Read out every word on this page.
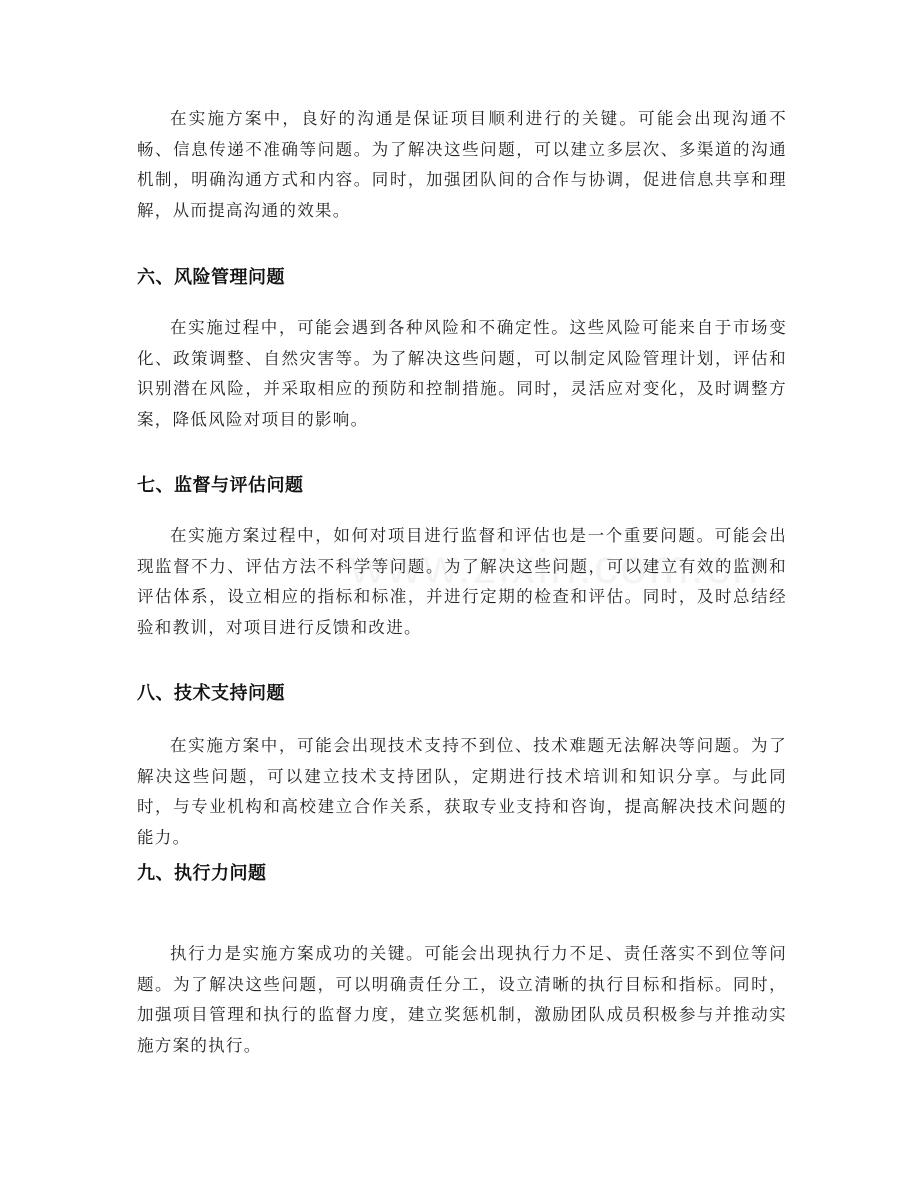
在实施方案中，良好的沟通是保证项目顺利进行的关键。可能会出现沟通不畅、信息传递不准确等问题。为了解决这些问题，可以建立多层次、多渠道的沟通机制，明确沟通方式和内容。同时，加强团队间的合作与协调，促进信息共享和理解，从而提高沟通的效果。

六、风险管理问题

在实施过程中，可能会遇到各种风险和不确定性。这些风险可能来自于市场变化、政策调整、自然灾害等。为了解决这些问题，可以制定风险管理计划，评估和识别潜在风险，并采取相应的预防和控制措施。同时，灵活应对变化，及时调整方案，降低风险对项目的影响。

七、监督与评估问题

在实施方案过程中，如何对项目进行监督和评估也是一个重要问题。可能会出现监督不力、评估方法不科学等问题。为了解决这些问题，可以建立有效的监测和评估体系，设立相应的指标和标准，并进行定期的检查和评估。同时，及时总结经验和教训，对项目进行反馈和改进。

八、技术支持问题

在实施方案中，可能会出现技术支持不到位、技术难题无法解决等问题。为了解决这些问题，可以建立技术支持团队，定期进行技术培训和知识分享。与此同时，与专业机构和高校建立合作关系，获取专业支持和咨询，提高解决技术问题的能力。

九、执行力问题

执行力是实施方案成功的关键。可能会出现执行力不足、责任落实不到位等问题。为了解决这些问题，可以明确责任分工，设立清晰的执行目标和指标。同时，加强项目管理和执行的监督力度，建立奖惩机制，激励团队成员积极参与并推动实施方案的执行。
